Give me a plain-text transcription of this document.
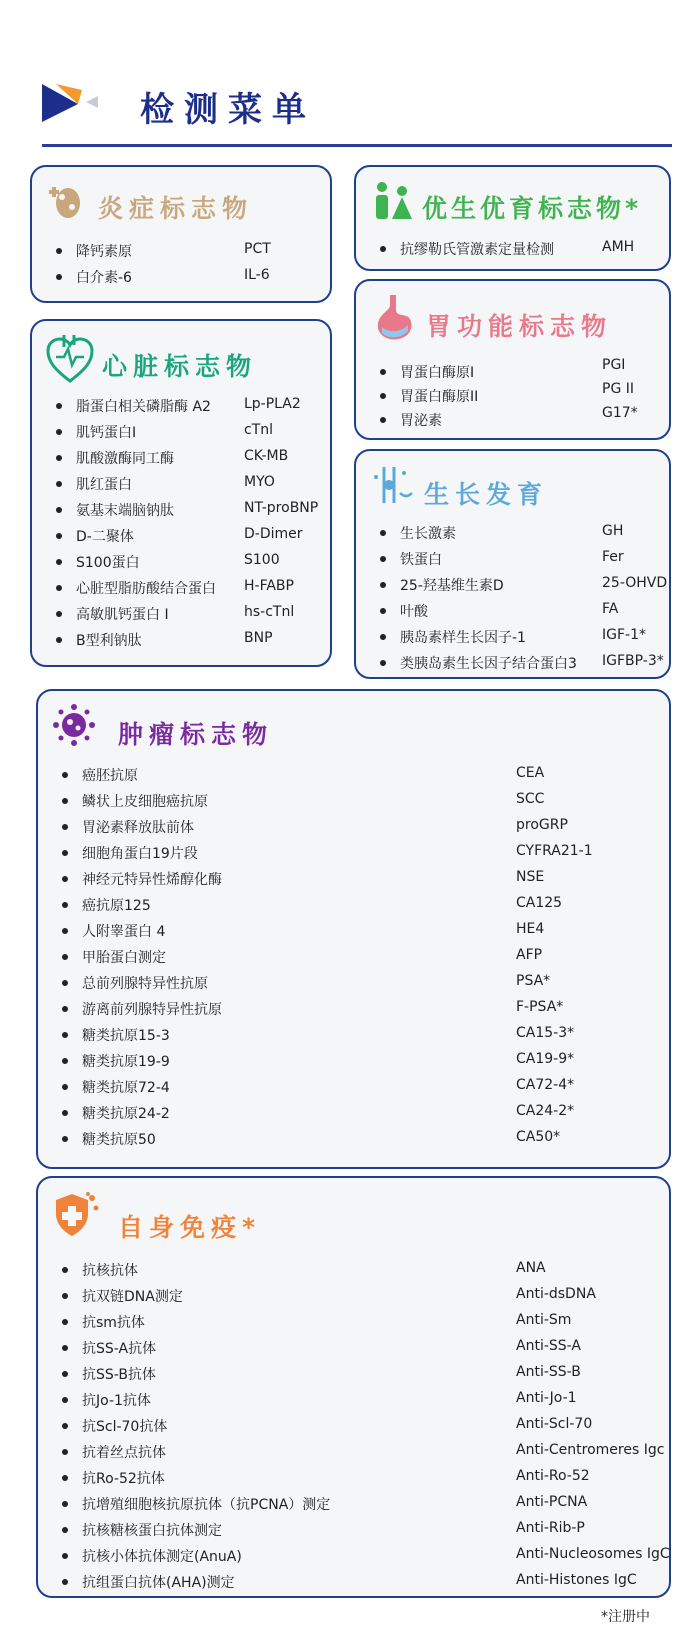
检测菜单
炎症标志物
降钙素原	PCT
白介素-6	IL-6
优生优育标志物*
抗缪勒氏管激素定量检测	AMH
胃功能标志物
胃蛋白酶原I	PGI
胃蛋白酶原II	PG II
胃泌素	G17*
心脏标志物
脂蛋白相关磷脂酶 A2 Lp-PLA2
肌钙蛋白I	cTnl
肌酸激酶同工酶	CK-MB
肌红蛋白	MYO
氨基末端脑钠肽	NT-proBNP
D-二聚体	D-Dimer
S100蛋白	S100
心脏型脂肪酸结合蛋白 H-FABP
高敏肌钙蛋白 I	hs-cTnl
B型利钠肽	BNP
生长发育
生长激素	GH
铁蛋白	Fer
25-羟基维生素D	25-OHVD
叶酸	FA
胰岛素样生长因子-1	IGF-1*
类胰岛素生长因子结合蛋白3 IGFBP-3*
肿瘤标志物
癌胚抗原	CEA
鳞状上皮细胞癌抗原	SCC
胃泌素释放肽前体	proGRP
细胞角蛋白19片段	CYFRA21-1
神经元特异性烯醇化酶	NSE
癌抗原125	CA125
人附睾蛋白 4	HE4
甲胎蛋白测定	AFP
总前列腺特异性抗原	PSA*
游离前列腺特异性抗原	F-PSA*
糖类抗原15-3	CA15-3*
糖类抗原19-9	CA19-9*
糖类抗原72-4	CA72-4*
糖类抗原24-2	CA24-2*
糖类抗原50	CA50*
自身免疫*
抗核抗体	ANA
抗双链DNA测定	Anti-dsDNA
抗sm抗体	Anti-Sm
抗SS-A抗体	Anti-SS-A
抗SS-B抗体	Anti-SS-B
抗Jo-1抗体	Anti-Jo-1
抗Scl-70抗体	Anti-Scl-70
抗着丝点抗体	Anti-Centromeres Igc
抗Ro-52抗体	Anti-Ro-52
抗增殖细胞核抗原抗体（抗PCNA）测定	Anti-PCNA
抗核糖核蛋白抗体测定	Anti-Rib-P
抗核小体抗体测定(AnuA)	Anti-Nucleosomes IgC
抗组蛋白抗体(AHA)测定	Anti-Histones IgC
*注册中
